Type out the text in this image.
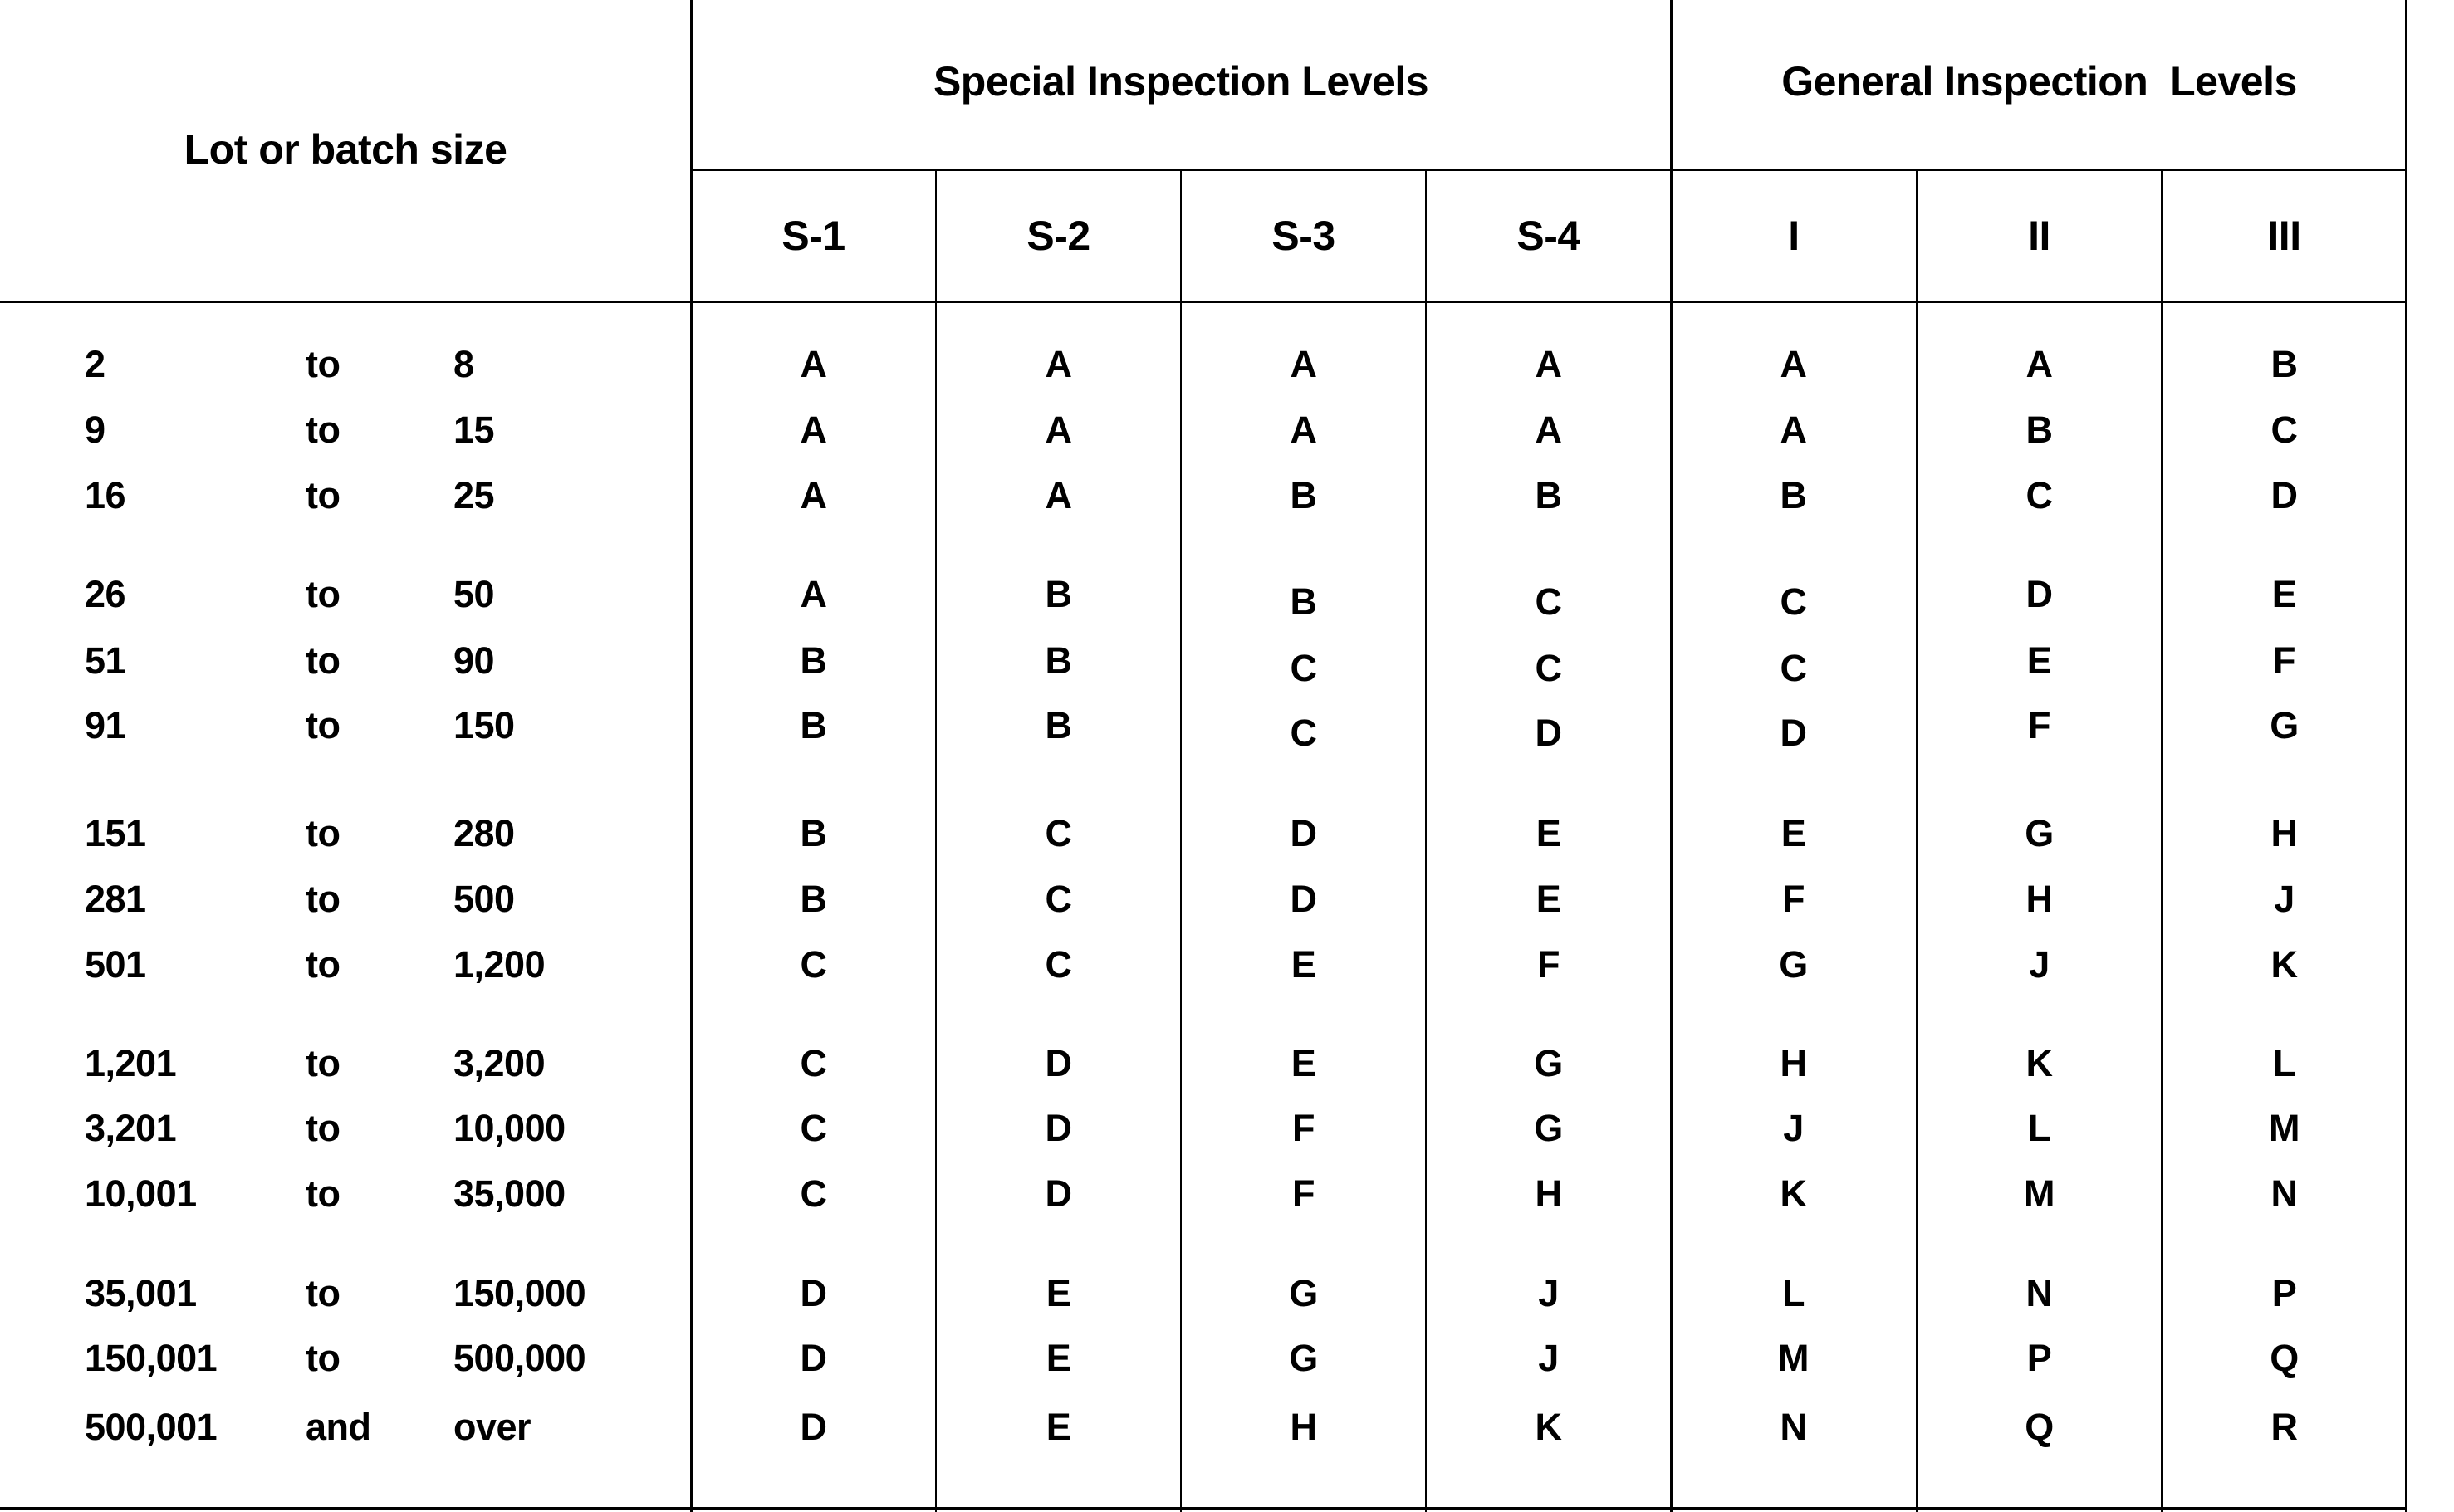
Lot or batch size
Special Inspection Levels	General Inspection  Levels
S-1	S-2	S-3	S-4	I	II	III
2	to	8	A	A	A	A	A	A	B
9	to	15	A	A	A	A	A	B	C
16	to	25	A	A	B	B	B	C	D
26	to	50	A	B	B	C	C	D	E
51	to	90	B	B	C	C	C	E	F
91	to	150	B	B	C	D	D	F	G
151	to	280	B	C	D	E	E	G	H
281	to	500	B	C	D	E	F	H	J
501	to	1,200	C	C	E	F	G	J	K
1,201	to	3,200	C	D	E	G	H	K	L
3,201	to	10,000	C	D	F	G	J	L	M
10,001	to	35,000	C	D	F	H	K	M	N
35,001	to	150,000	D	E	G	J	L	N	P
150,001 to	500,000	D	E	G	J	M	P	Q
500,001 and over	D	E	H	K	N	Q	R
